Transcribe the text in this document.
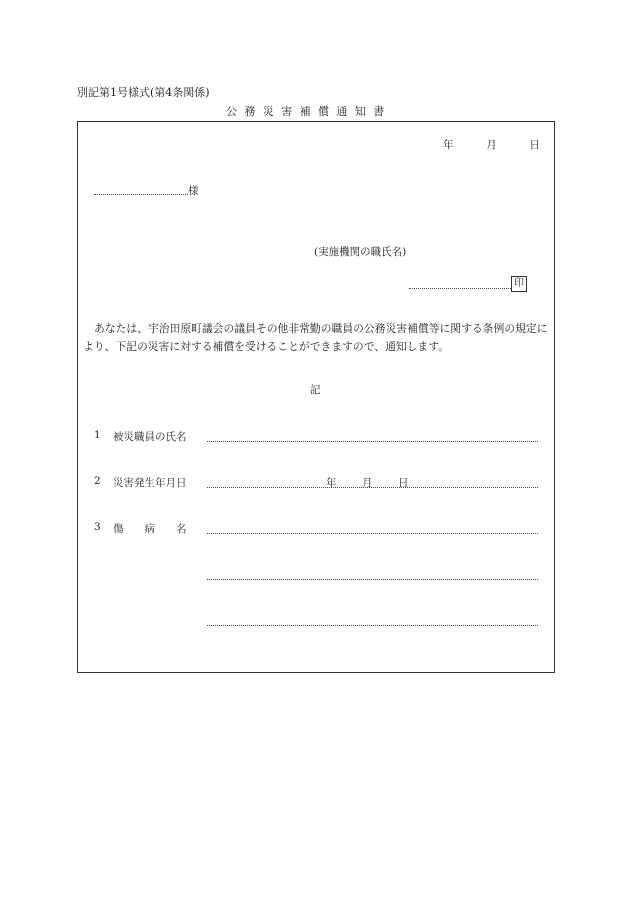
別記第1号様式(第4条関係)
公務災害補償通知書
年	月	日
様
(実施機関の職氏名)
印
あなたは、宇治田原町議会の議員その他非常勤の職員の公務災害補償等に関する条例の規定により、下記の災害に対する補償を受けることができますので、通知します。
記
1 被災職員の氏名
2 災害発生年月日	年 月 日
3 傷病名
